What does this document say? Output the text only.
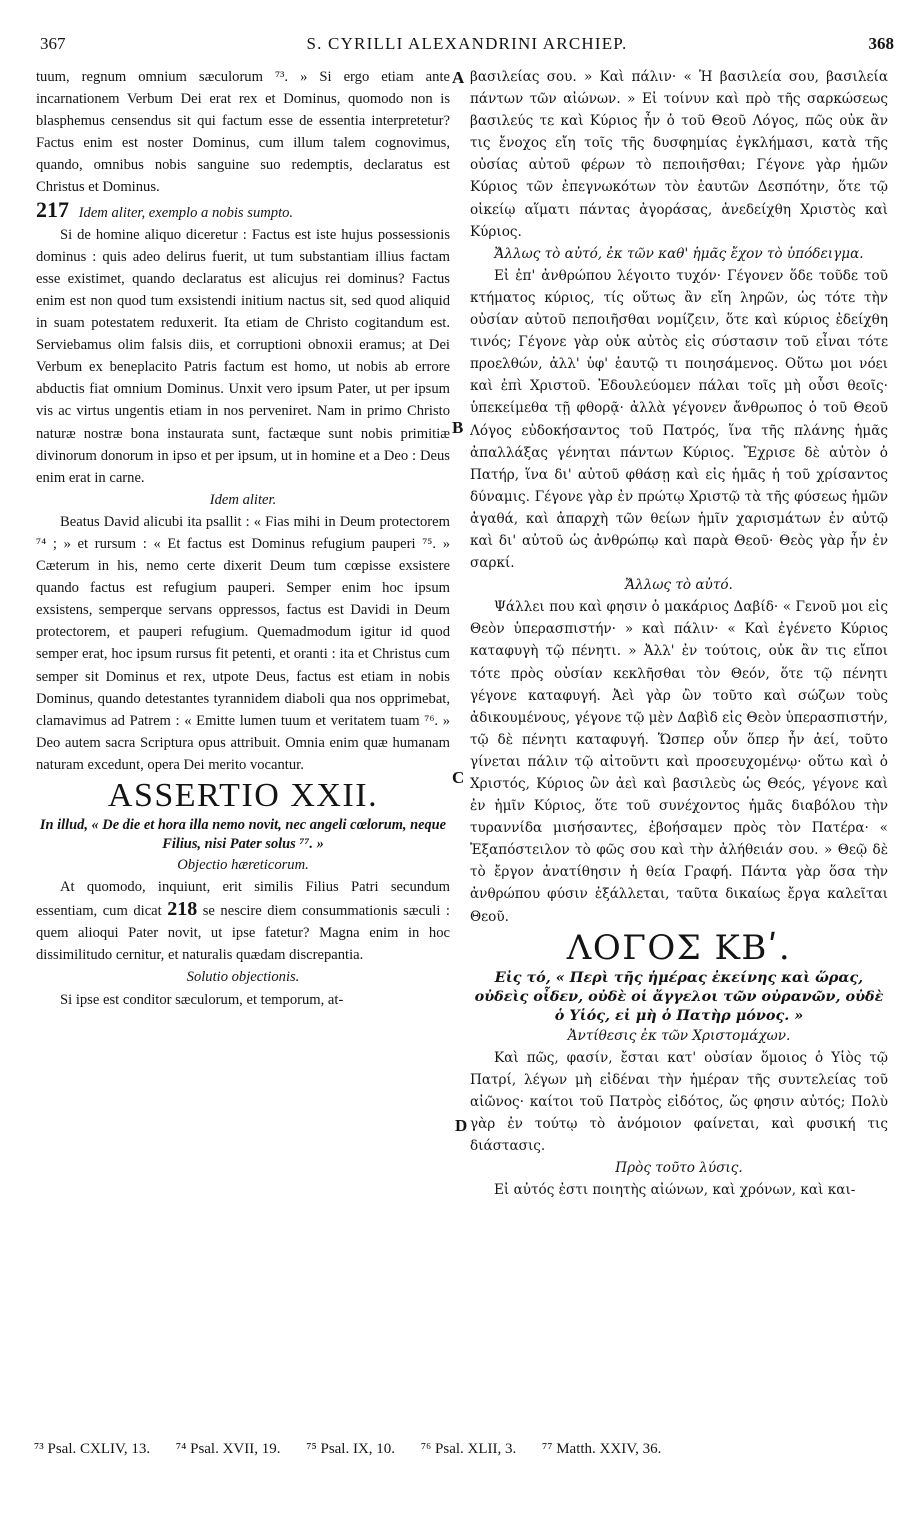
367	S. CYRILLI ALEXANDRINI ARCHIEP.	368

tuum, regnum omnium sæculorum ⁷³. » Si ergo etiam ante incarnationem Verbum Dei erat rex et Dominus, quomodo non is blasphemus censendus sit qui factum esse de essentia interpretetur? Factus enim est noster Dominus, cum illum talem cognovimus, quando, omnibus nobis sanguine suo redemptis, declaratus est Christus et Dominus.

217 Idem aliter, exemplo a nobis sumpto.

Si de homine aliquo diceretur : Factus est iste hujus possessionis dominus : quis adeo delirus fuerit, ut tum substantiam illius factam esse existimet, quando declaratus est alicujus rei dominus? Factus enim est non quod tum exsistendi initium nactus sit, sed quod aliquid in suam potestatem reduxerit. Ita etiam de Christo cogitandum est. Serviebamus olim falsis diis, et corruptioni obnoxii eramus; at Dei Verbum ex beneplacito Patris factum est homo, ut nobis ab errore abductis fiat omnium Dominus. Unxit vero ipsum Pater, ut per ipsum vis ac virtus ungentis etiam in nos perveniret. Nam in primo Christo naturæ nostræ bona instaurata sunt, factæque sunt nobis primitiæ divinorum donorum in ipso et per ipsum, ut in homine et a Deo : Deus enim erat in carne.

Idem aliter.

Beatus David alicubi ita psallit : « Fias mihi in Deum protectorem ⁷⁴ ; » et rursum : « Et factus est Dominus refugium pauperi ⁷⁵. » Cæterum in his, nemo certe dixerit Deum tum cœpisse exsistere quando factus est refugium pauperi. Semper enim hoc ipsum exsistens, semperque servans oppressos, factus est Davidi in Deum protectorem, et pauperi refugium. Quemadmodum igitur id quod semper erat, hoc ipsum rursus fit petenti, et oranti : ita et Christus cum semper sit Dominus et rex, utpote Deus, factus est etiam in nobis Dominus, quando detestantes tyrannidem diaboli qua nos opprimebat, clamavimus ad Patrem : « Emitte lumen tuum et veritatem tuam ⁷⁶. » Deo autem sacra Scriptura opus attribuit. Omnia enim quæ humanam naturam excedunt, opera Dei merito vocantur.

ASSERTIO XXII.

In illud, « De die et hora illa nemo novit, nec angeli cœlorum, neque Filius, nisi Pater solus ⁷⁷. »

Objectio hæreticorum.

At quomodo, inquiunt, erit similis Filius Patri secundum essentiam, cum dicat 218 se nescire diem consummationis sæculi : quem alioqui Pater novit, ut ipse fatetur? Magna enim in hoc dissimilitudo cernitur, et naturalis quædam discrepantia.

Solutio objectionis.

Si ipse est conditor sæculorum, et temporum, at-

A
B
C
D

βασιλείας σου. » Καὶ πάλιν· « Ἡ βασιλεία σου, βασιλεία πάντων τῶν αἰώνων. » Εἰ τοίνυν καὶ πρὸ τῆς σαρκώσεως βασιλεύς τε καὶ Κύριος ἦν ὁ τοῦ Θεοῦ Λόγος, πῶς οὐκ ἂν τις ἔνοχος εἴη τοῖς τῆς δυσφημίας ἐγκλήμασι, κατὰ τῆς οὐσίας αὐτοῦ φέρων τὸ πεποιῆσθαι; Γέγονε γὰρ ἡμῶν Κύριος τῶν ἐπεγνωκότων τὸν ἑαυτῶν Δεσπότην, ὅτε τῷ οἰκείῳ αἵματι πάντας ἀγοράσας, ἀνεδείχθη Χριστὸς καὶ Κύριος.

Ἄλλως τὸ αὐτό, ἐκ τῶν καθ' ἡμᾶς ἔχον τὸ ὑπόδειγμα.

Εἰ ἐπ' ἀνθρώπου λέγοιτο τυχόν· Γέγονεν ὅδε τοῦδε τοῦ κτήματος κύριος, τίς οὕτως ἂν εἴη ληρῶν, ὡς τότε τὴν οὐσίαν αὐτοῦ πεποιῆσθαι νομίζειν, ὅτε καὶ κύριος ἐδείχθη τινός; Γέγονε γὰρ οὐκ αὐτὸς εἰς σύστασιν τοῦ εἶναι τότε προελθών, ἀλλ' ὑφ' ἑαυτῷ τι ποιησάμενος. Οὕτω μοι νόει καὶ ἐπὶ Χριστοῦ. Ἐδουλεύομεν πάλαι τοῖς μὴ οὖσι θεοῖς· ὑπεκείμεθα τῇ φθορᾷ· ἀλλὰ γέγονεν ἄνθρωπος ὁ τοῦ Θεοῦ Λόγος εὐδοκήσαντος τοῦ Πατρός, ἵνα τῆς πλάνης ἡμᾶς ἀπαλλάξας γένηται πάντων Κύριος. Ἔχρισε δὲ αὐτὸν ὁ Πατήρ, ἵνα δι' αὐτοῦ φθάσῃ καὶ εἰς ἡμᾶς ἡ τοῦ χρίσαντος δύναμις. Γέγονε γὰρ ἐν πρώτῳ Χριστῷ τὰ τῆς φύσεως ἡμῶν ἀγαθά, καὶ ἀπαρχὴ τῶν θείων ἡμῖν χαρισμάτων ἐν αὐτῷ καὶ δι' αὐτοῦ ὡς ἀνθρώπῳ καὶ παρὰ Θεοῦ· Θεὸς γὰρ ἦν ἐν σαρκί.

Ἄλλως τὸ αὐτό.

Ψάλλει που καὶ φησιν ὁ μακάριος Δαβίδ· « Γενοῦ μοι εἰς Θεὸν ὑπερασπιστήν· » καὶ πάλιν· « Καὶ ἐγένετο Κύριος καταφυγὴ τῷ πένητι. » Ἀλλ' ἐν τούτοις, οὐκ ἂν τις εἴποι τότε πρὸς οὐσίαν κεκλῆσθαι τὸν Θεόν, ὅτε τῷ πένητι γέγονε καταφυγή. Ἀεὶ γὰρ ὢν τοῦτο καὶ σώζων τοὺς ἀδικουμένους, γέγονε τῷ μὲν Δαβὶδ εἰς Θεὸν ὑπερασπιστήν, τῷ δὲ πένητι καταφυγή. Ὥσπερ οὖν ὅπερ ἦν ἀεί, τοῦτο γίνεται πάλιν τῷ αἰτοῦντι καὶ προσευχομένῳ· οὕτω καὶ ὁ Χριστός, Κύριος ὢν ἀεὶ καὶ βασιλεὺς ὡς Θεός, γέγονε καὶ ἐν ἡμῖν Κύριος, ὅτε τοῦ συνέχοντος ἡμᾶς διαβόλου τὴν τυραννίδα μισήσαντες, ἐβοήσαμεν πρὸς τὸν Πατέρα· « Ἐξαπόστειλον τὸ φῶς σου καὶ τὴν ἀλήθειάν σου. » Θεῷ δὲ τὸ ἔργον ἀνατίθησιν ἡ θεία Γραφή. Πάντα γὰρ ὅσα τὴν ἀνθρώπου φύσιν ἐξάλλεται, ταῦτα δικαίως ἔργα καλεῖται Θεοῦ.

ΛΟΓΟΣ ΚΒʹ.

Εἰς τό, « Περὶ τῆς ἡμέρας ἐκείνης καὶ ὥρας, οὐδεὶς οἶδεν, οὐδὲ οἱ ἄγγελοι τῶν οὐρανῶν, οὐδὲ ὁ Υἱός, εἰ μὴ ὁ Πατὴρ μόνος. »

Ἀντίθεσις ἐκ τῶν Χριστομάχων.

Καὶ πῶς, φασίν, ἔσται κατ' οὐσίαν ὅμοιος ὁ Υἱὸς τῷ Πατρί, λέγων μὴ εἰδέναι τὴν ἡμέραν τῆς συντελείας τοῦ αἰῶνος· καίτοι τοῦ Πατρὸς εἰδότος, ὥς φησιν αὐτός; Πολὺ γὰρ ἐν τούτῳ τὸ ἀνόμοιον φαίνεται, καὶ φυσική τις διάστασις.

Πρὸς τοῦτο λύσις.

Εἰ αὐτός ἐστι ποιητὴς αἰώνων, καὶ χρόνων, καὶ και-

⁷³ Psal. CXLIV, 13. ⁷⁴ Psal. XVII, 19. ⁷⁵ Psal. IX, 10. ⁷⁶ Psal. XLII, 3. ⁷⁷ Matth. XXIV, 36.
